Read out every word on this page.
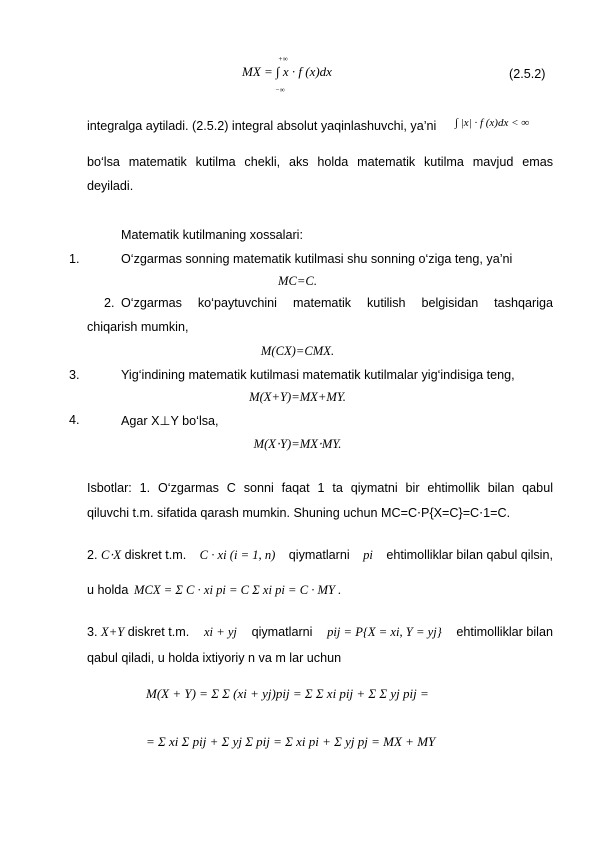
MX = ∫ x · f (x)dx
+∞
−∞
(2.5.2)
integralga aytiladi. (2.5.2) integral absolut yaqinlashuvchi, ya’ni ∫ |x| · f (x)dx < ∞
bo‘lsa matematik kutilma chekli, aks holda matematik kutilma mavjud emas
deyiladi.
Matematik kutilmaning xossalari:
1.	O‘zgarmas sonning matematik kutilmasi shu sonning o‘ziga teng, ya’ni
MC=C.
2. O‘zgarmas ko‘paytuvchini matematik kutilish belgisidan tashqariga
chiqarish mumkin,
M(CX)=CMX.
3.	Yig‘indining matematik kutilmasi matematik kutilmalar yig‘indisiga teng,
M(X+Y)=MX+MY.
4.	Agar X⊥Y bo‘lsa,
M(X⋅Y)=MX⋅MY.
Isbotlar: 1. O‘zgarmas C sonni faqat 1 ta qiymatni bir ehtimollik bilan qabul
qiluvchi t.m. sifatida qarash mumkin. Shuning uchun MC=C⋅P{X=C}=C⋅1=C.
2. C⋅X diskret t.m. C · xi (i = 1, n) qiymatlarni pi ehtimolliklar bilan qabul qilsin,
u holda MCX = Σ C · xi pi = C Σ xi pi = C · MY .
3. X+Y diskret t.m. xi + yj qiymatlarni pij = P{X = xi, Y = yj} ehtimolliklar bilan
qabul qiladi, u holda ixtiyoriy n va m lar uchun
M(X + Y) = Σ Σ (xi + yj)pij = Σ Σ xi pij + Σ Σ yj pij =
= Σ xi Σ pij + Σ yj Σ pij = Σ xi pi + Σ yj pj = MX + MY
